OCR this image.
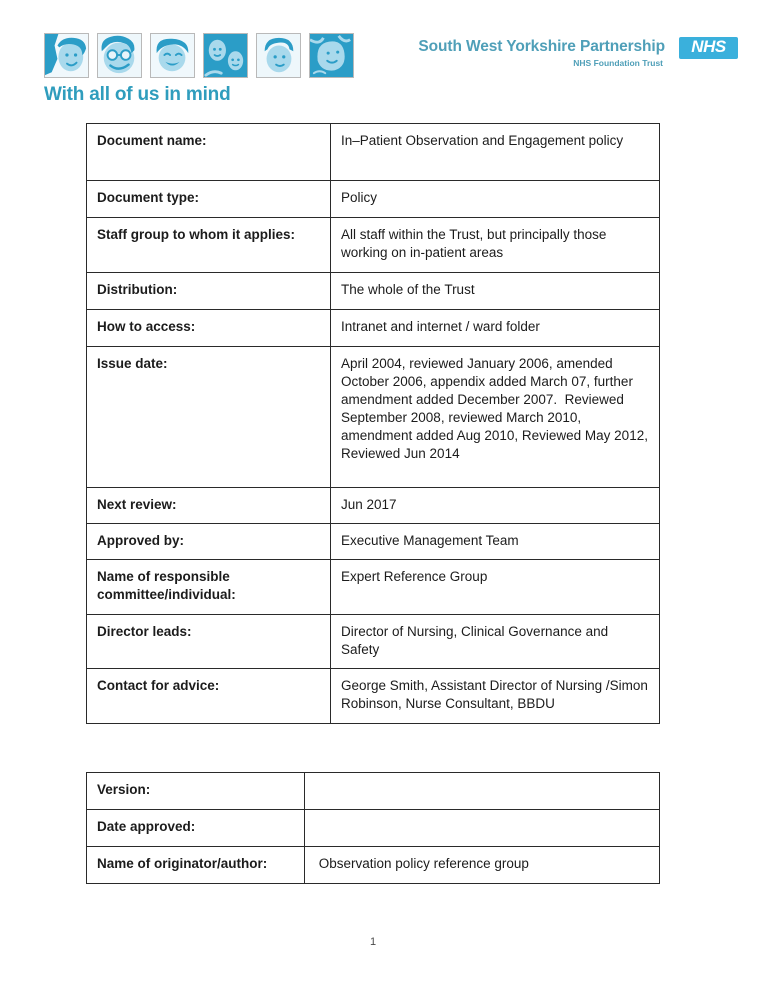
With all of us in mind
South West Yorkshire Partnership
NHS Foundation Trust
NHS
Document name:	In–Patient Observation and Engagement policy
Document type:	Policy
Staff group to whom it applies:	All staff within the Trust, but principally those working on in-patient areas
Distribution:	The whole of the Trust
How to access:	Intranet and internet / ward folder
Issue date:	April 2004, reviewed January 2006, amended October 2006, appendix added March 07, further amendment added December 2007.  Reviewed September 2008, reviewed March 2010, amendment added Aug 2010, Reviewed May 2012, Reviewed Jun 2014
Next review:	Jun 2017
Approved by:	Executive Management Team
Name of responsible committee/individual:	Expert Reference Group
Director leads:	Director of Nursing, Clinical Governance and Safety
Contact for advice:	George Smith, Assistant Director of Nursing /Simon Robinson, Nurse Consultant, BBDU
Version:	
Date approved:	
Name of originator/author:	Observation policy reference group
1
